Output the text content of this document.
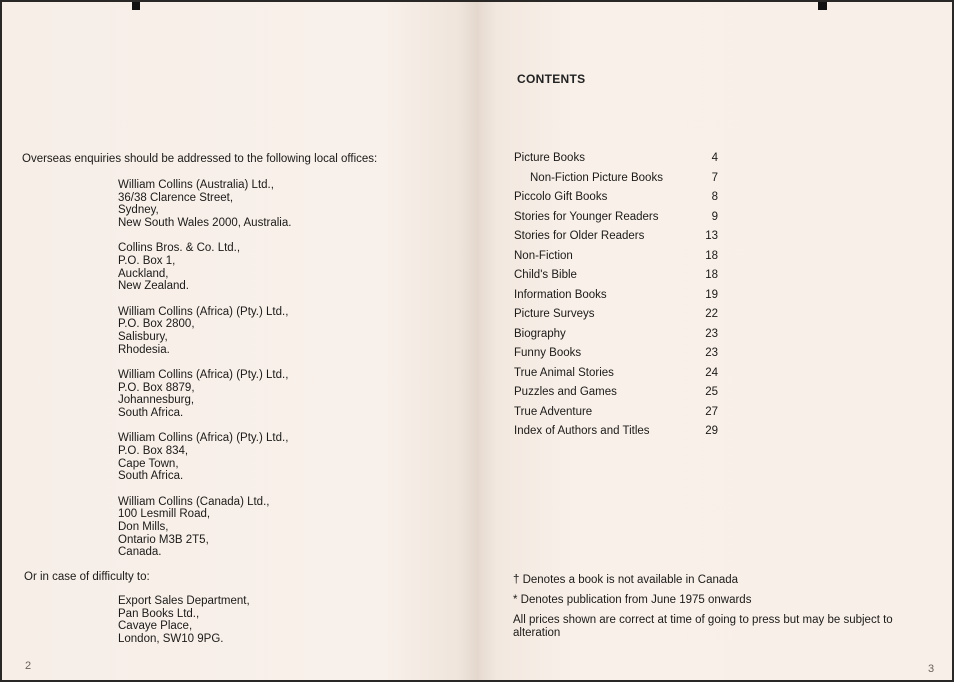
Overseas enquiries should be addressed to the following local offices:
William Collins (Australia) Ltd.,
36/38 Clarence Street,
Sydney,
New South Wales 2000, Australia.
Collins Bros. & Co. Ltd.,
P.O. Box 1,
Auckland,
New Zealand.
William Collins (Africa) (Pty.) Ltd.,
P.O. Box 2800,
Salisbury,
Rhodesia.
William Collins (Africa) (Pty.) Ltd.,
P.O. Box 8879,
Johannesburg,
South Africa.
William Collins (Africa) (Pty.) Ltd.,
P.O. Box 834,
Cape Town,
South Africa.
William Collins (Canada) Ltd.,
100 Lesmill Road,
Don Mills,
Ontario M3B 2T5,
Canada.
Or in case of difficulty to:
Export Sales Department,
Pan Books Ltd.,
Cavaye Place,
London, SW10 9PG.
2
CONTENTS
Picture Books	4
Non-Fiction Picture Books	7
Piccolo Gift Books	8
Stories for Younger Readers	9
Stories for Older Readers	13
Non-Fiction	18
Child's Bible	18
Information Books	19
Picture Surveys	22
Biography	23
Funny Books	23
True Animal Stories	24
Puzzles and Games	25
True Adventure	27
Index of Authors and Titles	29
† Denotes a book is not available in Canada
* Denotes publication from June 1975 onwards
All prices shown are correct at time of going to press but may be subject to alteration
3
